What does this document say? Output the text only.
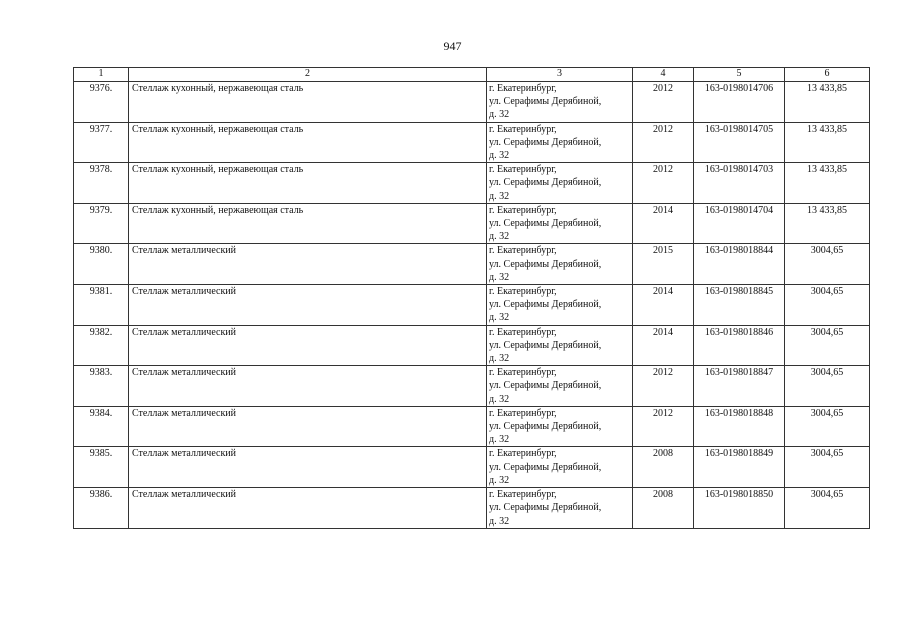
947
1	2	3	4	5	6
9376.	Стеллаж кухонный, нержавеющая сталь	г. Екатеринбург,
ул. Серафимы Дерябиной,
д. 32	2012	163-0198014706	13 433,85
9377.	Стеллаж кухонный, нержавеющая сталь	г. Екатеринбург,
ул. Серафимы Дерябиной,
д. 32	2012	163-0198014705	13 433,85
9378.	Стеллаж кухонный, нержавеющая сталь	г. Екатеринбург,
ул. Серафимы Дерябиной,
д. 32	2012	163-0198014703	13 433,85
9379.	Стеллаж кухонный, нержавеющая сталь	г. Екатеринбург,
ул. Серафимы Дерябиной,
д. 32	2014	163-0198014704	13 433,85
9380.	Стеллаж металлический	г. Екатеринбург,
ул. Серафимы Дерябиной,
д. 32	2015	163-0198018844	3004,65
9381.	Стеллаж металлический	г. Екатеринбург,
ул. Серафимы Дерябиной,
д. 32	2014	163-0198018845	3004,65
9382.	Стеллаж металлический	г. Екатеринбург,
ул. Серафимы Дерябиной,
д. 32	2014	163-0198018846	3004,65
9383.	Стеллаж металлический	г. Екатеринбург,
ул. Серафимы Дерябиной,
д. 32	2012	163-0198018847	3004,65
9384.	Стеллаж металлический	г. Екатеринбург,
ул. Серафимы Дерябиной,
д. 32	2012	163-0198018848	3004,65
9385.	Стеллаж металлический	г. Екатеринбург,
ул. Серафимы Дерябиной,
д. 32	2008	163-0198018849	3004,65
9386.	Стеллаж металлический	г. Екатеринбург,
ул. Серафимы Дерябиной,
д. 32	2008	163-0198018850	3004,65
